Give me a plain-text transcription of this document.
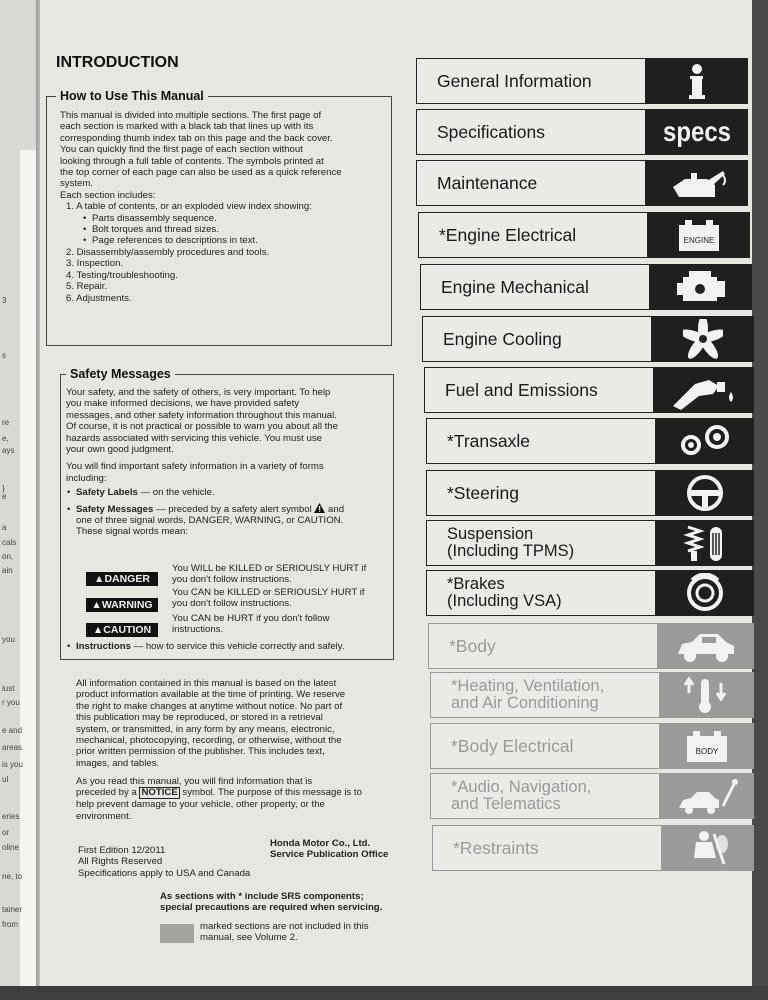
3
s
re
e,
ays
}
e
a
cals
on,
ain
you
iust
r you
e and
areas
is you
ul
eries
or
oline
ne, to
tainer
from
INTRODUCTION
How to Use This Manual
This manual is divided into multiple sections. The first page of
each section is marked with a black tab that lines up with its
corresponding thumb index tab on this page and the back cover.
You can quickly find the first page of each section without
looking through a full table of contents. The symbols printed at
the top corner of each page can also be used as a quick reference
system.
Each section includes:
1. A table of contents, or an exploded view index showing:
• Parts disassembly sequence.
• Bolt torques and thread sizes.
• Page references to descriptions in text.
2. Disassembly/assembly procedures and tools.
3. Inspection.
4. Testing/troubleshooting.
5. Repair.
6. Adjustments.
Safety Messages
Your safety, and the safety of others, is very important. To help
you make informed decisions, we have provided safety
messages, and other safety information throughout this manual.
Of course, it is not practical or possible to warn you about all the
hazards associated with servicing this vehicle. You must use
your own good judgment.
You will find important safety information in a variety of forms
including:
• Safety Labels — on the vehicle.
• Safety Messages — preceded by a safety alert symbol  and
one of three signal words, DANGER, WARNING, or CAUTION.
These signal words mean:
▲DANGER
You WILL be KILLED or SERIOUSLY HURT if
you don't follow instructions.
▲WARNING
You CAN be KILLED or SERIOUSLY HURT if
you don't follow instructions.
▲CAUTION
You CAN be HURT if you don't follow
instructions.
• Instructions — how to service this vehicle correctly and safely.
All information contained in this manual is based on the latest
product information available at the time of printing. We reserve
the right to make changes at anytime without notice. No part of
this publication may be reproduced, or stored in a retrieval
system, or transmitted, in any form by any means, electronic,
mechanical, photocopying, recording, or otherwise, without the
prior written permission of the publisher. This includes text,
images, and tables.
As you read this manual, you will find information that is
preceded by a NOTICE symbol. The purpose of this message is to
help prevent damage to your vehicle, other property, or the
environment.
First Edition 12/2011
All Rights Reserved
Specifications apply to USA and Canada
Honda Motor Co., Ltd.
Service Publication Office
As sections with * include SRS components;
special precautions are required when servicing.
marked sections are not included in this
manual, see Volume 2.
General Information
Specifications	specs
Maintenance
*Engine Electrical	ENGINE
Engine Mechanical
Engine Cooling
Fuel and Emissions
*Transaxle
*Steering
Suspension
(Including TPMS)
*Brakes
(Including VSA)
*Body
*Heating, Ventilation,
and Air Conditioning
*Body Electrical	BODY
*Audio, Navigation,
and Telematics
*Restraints
